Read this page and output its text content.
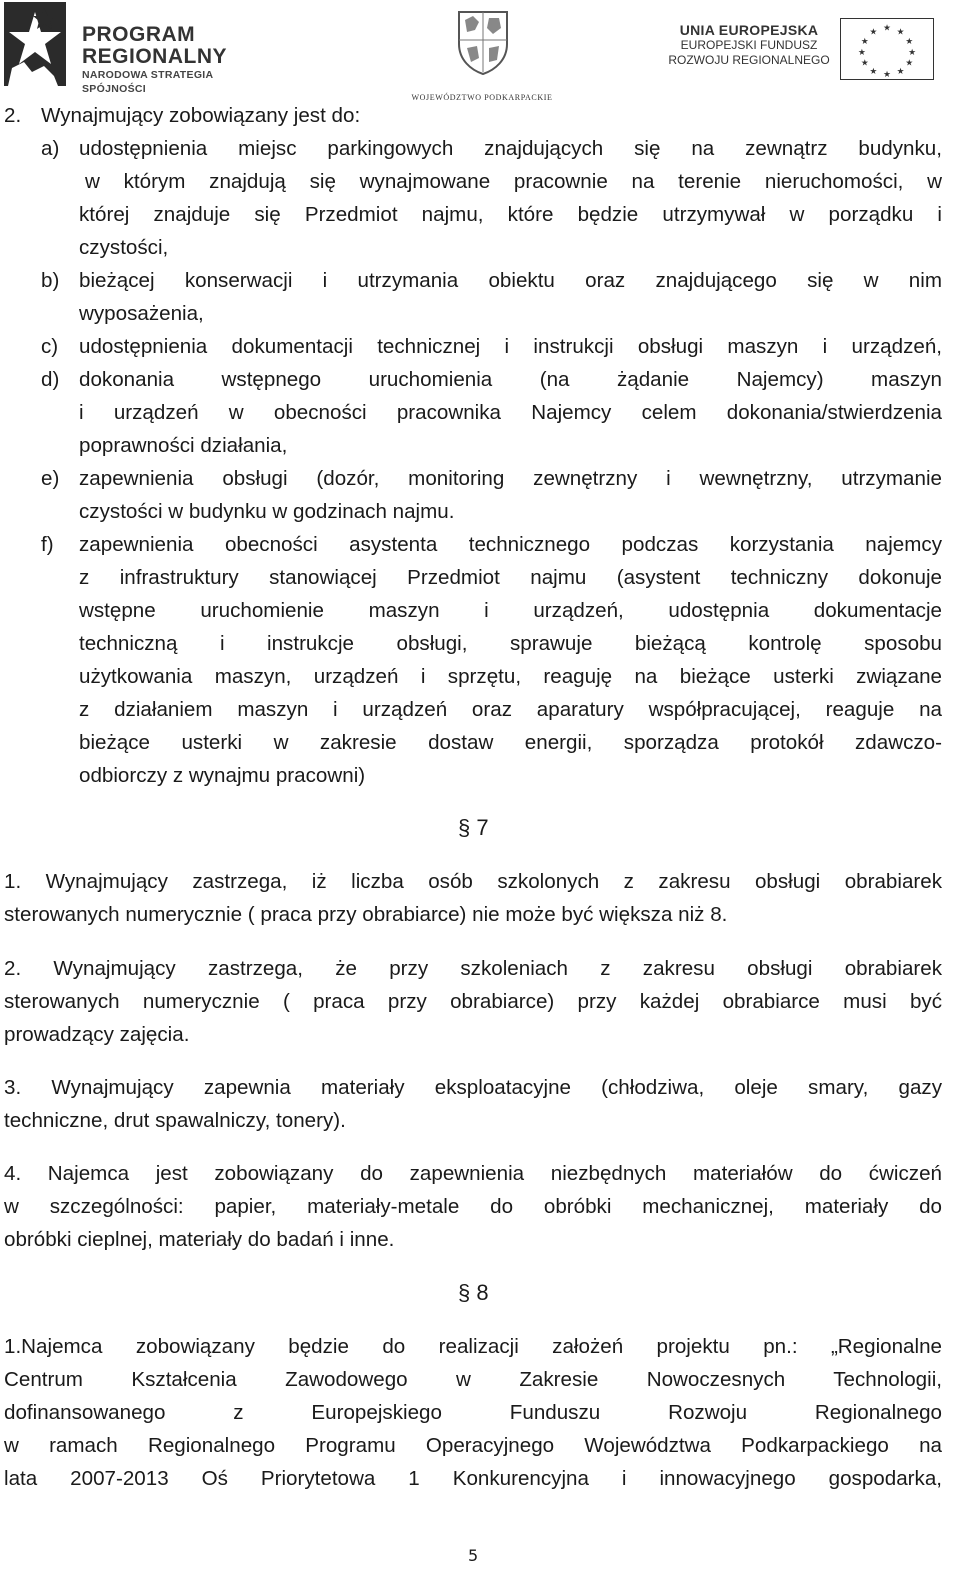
PROGRAM
REGIONALNY
NARODOWA STRATEGIA SPÓJNOŚCI
WOJEWÓDZTWO PODKARPACKIE
UNIA EUROPEJSKA
EUROPEJSKI FUNDUSZ
ROZWOJU REGIONALNEGO
★ ★
★
★
★
★
★
★
★
★
★
★
2. Wynajmujący zobowiązany jest do:
a) udostępnienia miejsc parkingowych znajdujących się na zewnątrz budynku,
w którym znajdują się wynajmowane pracownie na terenie nieruchomości, w
której znajduje się Przedmiot najmu, które będzie utrzymywał w porządku i
czystości,
b) bieżącej konserwacji i utrzymania obiektu oraz znajdującego się w nim
wyposażenia,
c) udostępnienia dokumentacji technicznej i instrukcji obsługi maszyn i urządzeń,
d) dokonania wstępnego uruchomienia (na żądanie Najemcy) maszyn
i urządzeń w obecności pracownika Najemcy celem dokonania/stwierdzenia
poprawności działania,
e) zapewnienia obsługi (dozór, monitoring zewnętrzny i wewnętrzny, utrzymanie
czystości w budynku w godzinach najmu.
f) zapewnienia obecności asystenta technicznego podczas korzystania najemcy
z infrastruktury stanowiącej Przedmiot najmu (asystent techniczny dokonuje
wstępne uruchomienie maszyn i urządzeń, udostępnia dokumentacje
techniczną i instrukcje obsługi, sprawuje bieżącą kontrolę sposobu
użytkowania maszyn, urządzeń i sprzętu, reaguję na bieżące usterki związane
z działaniem maszyn i urządzeń oraz aparatury współpracującej, reaguje na
bieżące usterki w zakresie dostaw energii, sporządza protokół zdawczo-
odbiorczy z wynajmu pracowni)
§ 7
1. Wynajmujący zastrzega, iż liczba osób szkolonych z zakresu obsługi obrabiarek
sterowanych numerycznie ( praca przy obrabiarce) nie może być większa niż 8.
2. Wynajmujący zastrzega, że przy szkoleniach z zakresu obsługi obrabiarek
sterowanych numerycznie ( praca przy obrabiarce) przy każdej obrabiarce musi być
prowadzący zajęcia.
3. Wynajmujący zapewnia materiały eksploatacyjne (chłodziwa, oleje smary, gazy
techniczne, drut spawalniczy, tonery).
4. Najemca jest zobowiązany do zapewnienia niezbędnych materiałów do ćwiczeń
w szczególności: papier, materiały-metale do obróbki mechanicznej, materiały do
obróbki cieplnej, materiały do badań i inne.
§ 8
1.Najemca zobowiązany będzie do realizacji założeń projektu pn.: „Regionalne
Centrum Kształcenia Zawodowego w Zakresie Nowoczesnych Technologii,
dofinansowanego z Europejskiego Funduszu Rozwoju Regionalnego
w ramach Regionalnego Programu Operacyjnego Województwa Podkarpackiego na
lata 2007-2013 Oś Priorytetowa 1 Konkurencyjna i innowacyjnego gospodarka,
5
